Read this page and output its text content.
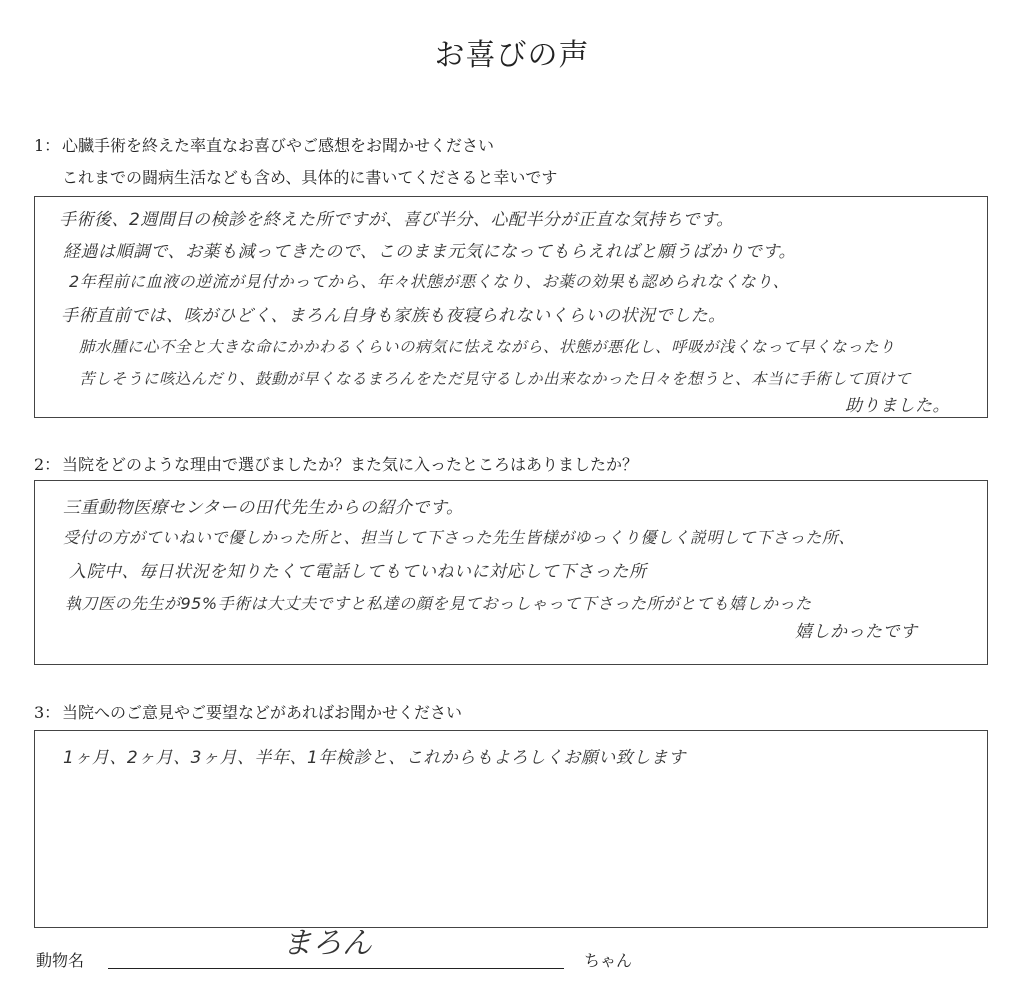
お喜びの声
1： 心臓手術を終えた率直なお喜びやご感想をお聞かせください
これまでの闘病生活なども含め、具体的に書いてくださると幸いです
手術後、2週間目の検診を終えた所ですが、喜び半分、心配半分が正直な気持ちです。
経過は順調で、お薬も減ってきたので、このまま元気になってもらえればと願うばかりです。
2年程前に血液の逆流が見付かってから、年々状態が悪くなり、お薬の効果も認められなくなり、
手術直前では、咳がひどく、まろん自身も家族も夜寝られないくらいの状況でした。
肺水腫に心不全と大きな命にかかわるくらいの病気に怯えながら、状態が悪化し、呼吸が浅くなって早くなったり
苦しそうに咳込んだり、鼓動が早くなるまろんをただ見守るしか出来なかった日々を想うと、本当に手術して頂けて
助りました。
2： 当院をどのような理由で選びましたか？また気に入ったところはありましたか？
三重動物医療センターの田代先生からの紹介です。
受付の方がていねいで優しかった所と、担当して下さった先生皆様がゆっくり優しく説明して下さった所、
入院中、毎日状況を知りたくて電話してもていねいに対応して下さった所
執刀医の先生が95%手術は大丈夫ですと私達の顔を見ておっしゃって下さった所がとても嬉しかった
嬉しかったです
3： 当院へのご意見やご要望などがあればお聞かせください
1ヶ月、2ヶ月、3ヶ月、半年、1年検診と、これからもよろしくお願い致します
動物名	まろん	ちゃん
